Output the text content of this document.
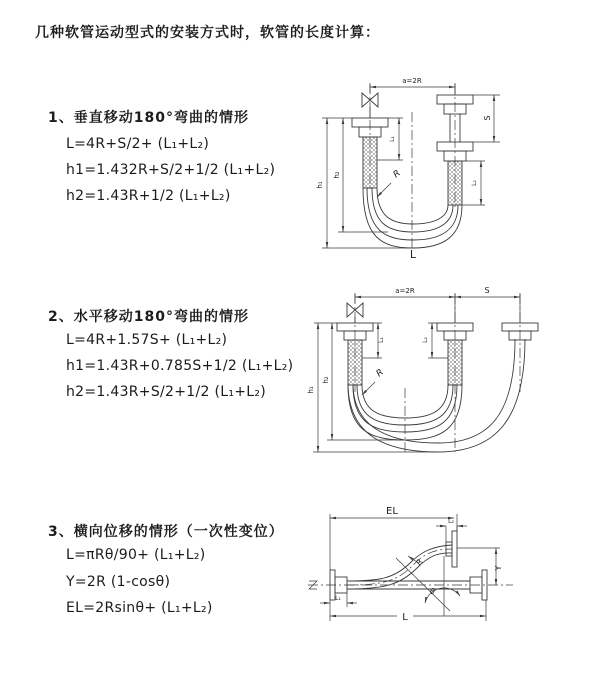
几种软管运动型式的安装方式时，软管的长度计算：
1、垂直移动180°弯曲的情形
L=4R+S/2+ (L₁+L₂)
h1=1.432R+S/2+1/2 (L₁+L₂)
h2=1.43R+1/2 (L₁+L₂)
2、水平移动180°弯曲的情形
L=4R+1.57S+ (L₁+L₂)
h1=1.43R+0.785S+1/2 (L₁+L₂)
h2=1.43R+S/2+1/2 (L₁+L₂)
3、横向位移的情形（一次性变位）
L=πRθ/90+ (L₁+L₂)
Y=2R (1-cosθ)
EL=2Rsinθ+ (L₁+L₂)
a=2R
S
L₂
L₁
h₂
h₁
R
L
a=2R	S
h₁
h₂
L₁	L₂
R
EL
L₂
Y
R
θ
L₁
L
